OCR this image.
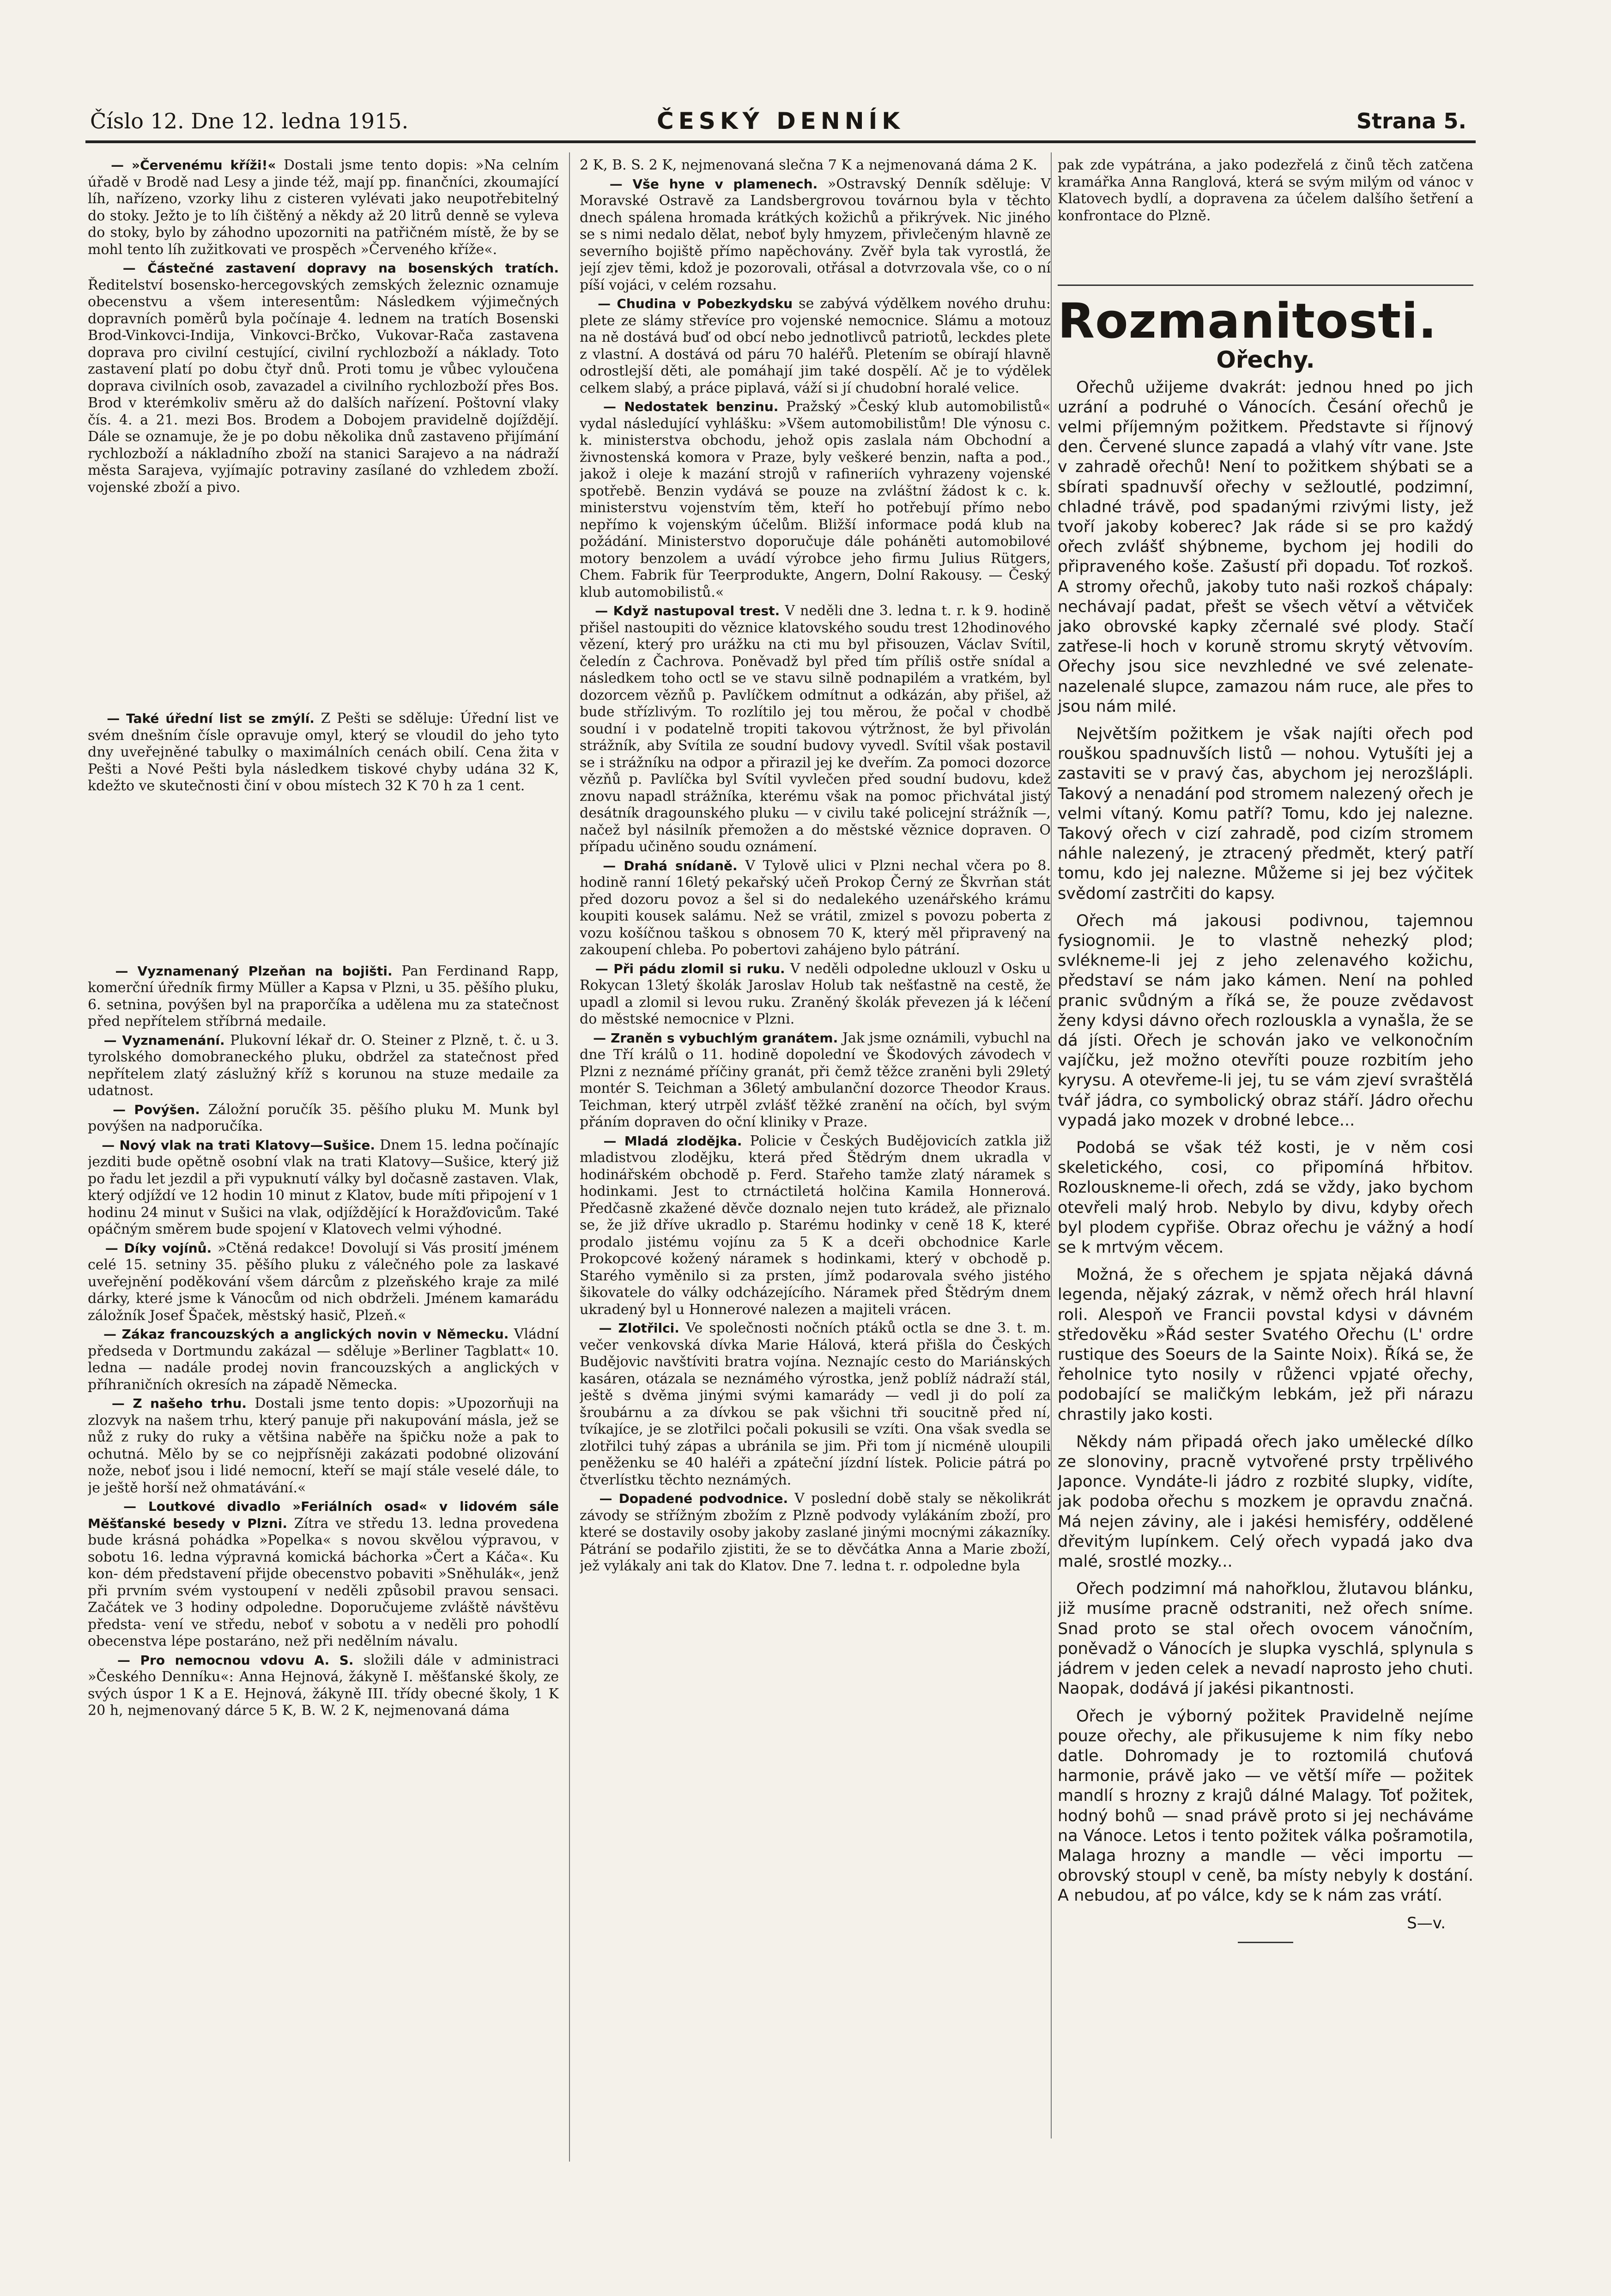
Číslo 12. Dne 12. ledna 1915.	ČESKÝ DENNÍK	Strana 5.

— »Červenému kříži!« Dostali jsme tento dopis: »Na celním úřadě v Brodě nad Lesy a jinde též, mají pp. finančníci, zkoumající líh, nařízeno, vzorky lihu z cisteren vylévati jako neupotřebitelný do stoky. Ježto je to líh čištěný a někdy až 20 litrů denně se vyleva do stoky, bylo by záhodno upozorniti na patřičném místě, že by se mohl tento líh zužitkovati ve prospěch »Červeného kříže«.

— Částečné zastavení dopravy na bosenských tratích. Ředitelství bosensko-hercegovských zemských železnic oznamuje obecenstvu a všem interesentům: Následkem výjimečných dopravních poměrů byla počínaje 4. lednem na tratích Bosenski Brod-Vinkovci-Indija, Vinkovci-Brčko, Vukovar-Rača zastavena doprava pro civilní cestující, civilní rychlozboží a náklady. Toto zastavení platí po dobu čtyř dnů. Proti tomu je vůbec vyloučena doprava civilních osob, zavazadel a civilního rychlozboží přes Bos. Brod v kterémkoliv směru až do dalších nařízení. Poštovní vlaky čís. 4. a 21. mezi Bos. Brodem a Dobojem pravidelně dojíždějí. Dále se oznamuje, že je po dobu několika dnů zastaveno přijímání rychlozboží a nákladního zboží na stanici Sarajevo a na nádraží města Sarajeva, vyjímajíc potraviny zasílané do vzhledem zboží. vojenské zboží a pivo.

— Také úřední list se zmýlí. Z Pešti se sděluje: Úřední list ve svém dnešním čísle opravuje omyl, který se vloudil do jeho tyto dny uveřejněné tabulky o maximálních cenách obilí. Cena žita v Pešti a Nové Pešti byla následkem tiskové chyby udána 32 K, kdežto ve skutečnosti činí v obou místech 32 K 70 h za 1 cent.

— Vyznamenaný Plzeňan na bojišti. Pan Ferdinand Rapp, komerční úředník firmy Müller a Kapsa v Plzni, u 35. pěšího pluku, 6. setnina, povýšen byl na praporčíka a udělena mu za statečnost před nepřítelem stříbrná medaile.

— Vyznamenání. Plukovní lékař dr. O. Steiner z Plzně, t. č. u 3. tyrolského domobraneckého pluku, obdržel za statečnost před nepřítelem zlatý záslužný kříž s korunou na stuze medaile za udatnost.

— Povýšen. Záložní poručík 35. pěšího pluku M. Munk byl povýšen na nadporučíka.

— Nový vlak na trati Klatovy—Sušice. Dnem 15. ledna počínajíc jezditi bude opětně osobní vlak na trati Klatovy—Sušice, který již po řadu let jezdil a při vypuknutí války byl dočasně zastaven. Vlak, který odjíždí ve 12 hodin 10 minut z Klatov, bude míti připojení v 1 hodinu 24 minut v Sušici na vlak, odjíždějící k Horažďovicům. Také opáčným směrem bude spojení v Klatovech velmi výhodné.

— Díky vojínů. »Ctěná redakce! Dovolují si Vás prosití jménem celé 15. setniny 35. pěšího pluku z válečného pole za laskavé uveřejnění poděkování všem dárcům z plzeňského kraje za milé dárky, které jsme k Vánocům od nich obdrželi. Jménem kamarádu záložník Josef Špaček, městský hasič, Plzeň.«

— Zákaz francouzských a anglických novin v Německu. Vládní předseda v Dortmundu zakázal — sděluje »Berliner Tagblatt« 10. ledna — nadále prodej novin francouzských a anglických v příhraničních okresích na západě Německa.

— Z našeho trhu. Dostali jsme tento dopis: »Upozorňuji na zlozvyk na našem trhu, který panuje při nakupování másla, jež se nůž z ruky do ruky a většina naběře na špičku nože a pak to ochutná. Mělo by se co nejpřísněji zakázati podobné olizování nože, neboť jsou i lidé nemocní, kteří se mají stále veselé dále, to je ještě horší než ohmatávání.«

— Loutkové divadlo »Feriálních osad« v lidovém sále Měšťanské besedy v Plzni. Zítra ve středu 13. ledna provedena bude krásná pohádka »Popelka« s novou skvělou výpravou, v sobotu 16. ledna výpravná komická báchorka »Čert a Káča«. Ku kon‑ dém představení přijde obecenstvo pobaviti »Sněhulák«, jenž při prvním svém vystoupení v neděli způsobil pravou sensaci. Začátek ve 3 hodiny odpoledne. Doporučujeme zvláště návštěvu předsta‑ vení ve středu, neboť v sobotu a v neděli pro pohodlí obecenstva lépe postaráno, než při nedělním návalu.

— Pro nemocnou vdovu A. S. složili dále v administraci »Českého Denníku«: Anna Hejnová, žákyně I. měšťanské školy, ze svých úspor 1 K a E. Hejnová, žákyně III. třídy obecné školy, 1 K 20 h, nejmenovaný dárce 5 K, B. W. 2 K, nejmenovaná dáma

2 K, B. S. 2 K, nejmenovaná slečna 7 K a nejmenovaná dáma 2 K.

— Vše hyne v plamenech. »Ostravský Denník sděluje: V Moravské Ostravě za Landsbergrovou továrnou byla v těchto dnech spálena hromada krátkých kožichů a přikrývek. Nic jiného se s nimi nedalo dělat, neboť byly hmyzem, přivlečeným hlavně ze severního bojiště přímo napěchovány. Zvěř byla tak vyrostlá, že její zjev těmi, kdož je pozorovali, otřásal a dotvrzovala vše, co o ní píší vojáci, v celém rozsahu.

— Chudina v Pobezkydsku se zabývá výdělkem nového druhu: plete ze slámy střevíce pro vojenské nemocnice. Slámu a motouz na ně dostává buď od obcí nebo jednotlivců patriotů, leckdes plete z vlastní. A dostává od páru 70 haléřů. Pletením se obírají hlavně odrostlejší děti, ale pomáhají jim také dospělí. Ač je to výdělek celkem slabý, a práce piplavá, váží si jí chudobní horalé velice.

— Nedostatek benzinu. Pražský »Český klub automobilistů« vydal následující vyhlášku: »Všem automobilistům! Dle výnosu c. k. ministerstva obchodu, jehož opis zaslala nám Obchodní a živnostenská komora v Praze, byly veškeré benzin, nafta a pod., jakož i oleje k mazání strojů v rafineriích vyhrazeny vojenské spotřebě. Benzin vydává se pouze na zvláštní žádost k c. k. ministerstvu vojenstvím těm, kteří ho potřebují přímo nebo nepřímo k vojenským účelům. Bližší informace podá klub na požádání. Ministerstvo doporučuje dále poháněti automobilové motory benzolem a uvádí výrobce jeho firmu Julius Rütgers, Chem. Fabrik für Teerprodukte, Angern, Dolní Rakousy. — Český klub automobilistů.«

— Když nastupoval trest. V neděli dne 3. ledna t. r. k 9. hodině přišel nastoupiti do věznice klatovského soudu trest 12hodinového vězení, který pro urážku na cti mu byl přisouzen, Václav Svítil, čeledín z Čachrova. Poněvadž byl před tím příliš ostře snídal a následkem toho octl se ve stavu silně podnapilém a vratkém, byl dozorcem vězňů p. Pavlíčkem odmítnut a odkázán, aby přišel, až bude střízlivým. To rozlítilo jej tou měrou, že počal v chodbě soudní i v podatelně tropiti takovou výtržnost, že byl přivolán strážník, aby Svítila ze soudní budovy vyvedl. Svítil však postavil se i strážníku na odpor a přirazil jej ke dveřím. Za pomoci dozorce vězňů p. Pavlíčka byl Svítil vyvlečen před soudní budovu, kdež znovu napadl strážníka, kterému však na pomoc přichvátal jistý desátník dragounského pluku — v civilu také policejní strážník —, načež byl násilník přemožen a do městské věznice dopraven. O případu učiněno soudu oznámení.

— Drahá snídaně. V Tylově ulici v Plzni nechal včera po 8. hodině ranní 16letý pekařský učeň Prokop Černý ze Škvrňan stát před dozoru povoz a šel si do nedalekého uzenářského krámu koupiti kousek salámu. Než se vrátil, zmizel s povozu poberta z vozu košíčnou taškou s obnosem 70 K, který měl připravený na zakoupení chleba. Po pobertovi zahájeno bylo pátrání.

— Při pádu zlomil si ruku. V neděli odpoledne uklouzl v Osku u Rokycan 13letý školák Jaroslav Holub tak nešťastně na cestě, že upadl a zlomil si levou ruku. Zraněný školák převezen já k léčení do městské nemocnice v Plzni.

— Zraněn s vybuchlým granátem. Jak jsme oznámili, vybuchl na dne Tří králů o 11. hodině dopolední ve Škodových závodech v Plzni z neznámé příčiny granát, při čemž těžce zraněni byli 29letý montér S. Teichman a 36letý ambulanční dozorce Theodor Kraus. Teichman, který utrpěl zvlášť těžké zranění na očích, byl svým přáním dopraven do oční kliniky v Praze.

— Mladá zlodějka. Policie v Českých Budějovicích zatkla již mladistvou zlodějku, která před Štědrým dnem ukradla v hodinářském obchodě p. Ferd. Stařeho tamže zlatý náramek s hodinkami. Jest to ctrnáctiletá holčina Kamila Honnerová. Předčasně zkažené děvče doznalo nejen tuto krádež, ale přiznalo se, že již dříve ukradlo p. Starému hodinky v ceně 18 K, které prodalo jistému vojínu za 5 K a dceři obchodnice Karle Prokopcové kožený náramek s hodinkami, který v obchodě p. Starého vyměnilo si za prsten, jímž podarovala svého jistého šikovatele do války odcházejícího. Náramek před Štědrým dnem ukradený byl u Honnerové nalezen a majiteli vrácen.

— Zlotřilci. Ve společnosti nočních ptáků octla se dne 3. t. m. večer venkovská dívka Marie Hálová, která přišla do Českých Budějovic navštíviti bratra vojína. Neznajíc cesto do Mariánských kasáren, otázala se neznámého výrostka, jenž poblíž nádraží stál, ještě s dvěma jinými svými kamarády — vedl ji do polí za šroubárnu a za dívkou se pak všichni tři soucitně před ní, tvíkajíce, je se zlotřilci počali pokusili se vzíti. Ona však svedla se zlotřilci tuhý zápas a ubránila se jim. Při tom jí nicméně uloupili peněženku se 40 haléři a zpáteční jízdní lístek. Policie pátrá po čtverlístku těchto neznámých.

— Dopadené podvodnice. V poslední době staly se několikrát závody se střížným zbožím z Plzně podvody vylákáním zboží, pro které se dostavily osoby jakoby zaslané jinými mocnými zákazníky. Pátrání se podařilo zjistiti, že se to děvčátka Anna a Marie zboží, jež vylákaly ani tak do Klatov. Dne 7. ledna t. r. odpoledne byla

pak zde vypátrána, a jako podezřelá z činů těch zatčena kramářka Anna Ranglová, která se svým milým od vánoc v Klatovech bydlí, a dopravena za účelem dalšího šetření a konfrontace do Plzně.

Rozmanitosti.
Ořechy.

Ořechů užijeme dvakrát: jednou hned po jich uzrání a podruhé o Vánocích. Česání ořechů je velmi příjemným požitkem. Představte si říjnový den. Červené slunce zapadá a vlahý vítr vane. Jste v zahradě ořechů! Není to požitkem shýbati se a sbírati spadnuvší ořechy v sežloutlé, podzimní, chladné trávě, pod spadanými rzivými listy, jež tvoří jakoby koberec? Jak ráde si se pro každý ořech zvlášť shýbneme, bychom jej hodili do připraveného koše. Zašustí při dopadu. Toť rozkoš. A stromy ořechů, jakoby tuto naši rozkoš chápaly: nechávají padat, přešt se všech větví a větviček jako obrovské kapky zčernalé své plody. Stačí zatřese-li hoch v koruně stromu skrytý větvovím. Ořechy jsou sice nevzhledné ve své zelenate-nazelenalé slupce, zamazou nám ruce, ale přes to jsou nám milé.

Největším požitkem je však najíti ořech pod rouškou spadnuvších listů — nohou. Vytušíti jej a zastaviti se v pravý čas, abychom jej nerozšlápli. Takový a nenadání pod stromem nalezený ořech je velmi vítaný. Komu patří? Tomu, kdo jej nalezne. Takový ořech v cizí zahradě, pod cizím stromem náhle nalezený, je ztracený předmět, který patří tomu, kdo jej nalezne. Můžeme si jej bez výčitek svědomí zastrčiti do kapsy.

Ořech má jakousi podivnou, tajemnou fysiognomii. Je to vlastně nehezký plod; svlékneme-li jej z jeho zelenavého kožichu, představí se nám jako kámen. Není na pohled pranic svůdným a říká se, že pouze zvědavost ženy kdysi dávno ořech rozlouskla a vynašla, že se dá jísti. Ořech je schován jako ve velkonočním vajíčku, jež možno otevříti pouze rozbitím jeho kyrysu. A otevřeme-li jej, tu se vám zjeví svraštělá tvář jádra, co symbolický obraz stáří. Jádro ořechu vypadá jako mozek v drobné lebce...

Podobá se však též kosti, je v něm cosi skeletického, cosi, co připomíná hřbitov. Rozlouskneme-li ořech, zdá se vždy, jako bychom otevřeli malý hrob. Nebylo by divu, kdyby ořech byl plodem cypřiše. Obraz ořechu je vážný a hodí se k mrtvým věcem.

Možná, že s ořechem je spjata nějaká dávná legenda, nějaký zázrak, v němž ořech hrál hlavní roli. Alespoň ve Francii povstal kdysi v dávném středověku »Řád sester Svatého Ořechu (L' ordre rustique des Soeurs de la Sainte Noix). Říká se, že řeholnice tyto nosily v růženci vpjaté ořechy, podobající se maličkým lebkám, jež při nárazu chrastily jako kosti.

Někdy nám připadá ořech jako umělecké dílko ze slonoviny, pracně vytvořené prsty trpělivého Japonce. Vyndáte-li jádro z rozbité slupky, vidíte, jak podoba ořechu s mozkem je opravdu značná. Má nejen záviny, ale i jakési hemisféry, oddělené dřevitým lupínkem. Celý ořech vypadá jako dva malé, srostlé mozky...

Ořech podzimní má nahořklou, žlutavou blánku, již musíme pracně odstraniti, než ořech sníme. Snad proto se stal ořech ovocem vánočním, poněvadž o Vánocích je slupka vyschlá, splynula s jádrem v jeden celek a nevadí naprosto jeho chuti. Naopak, dodává jí jakési pikantnosti.

Ořech je výborný požitek Pravidelně nejíme pouze ořechy, ale přikusujeme k nim fíky nebo datle. Dohromady je to roztomilá chuťová harmonie, právě jako — ve větší míře — požitek mandlí s hrozny z krajů dálné Malagy. Toť požitek, hodný bohů — snad právě proto si jej necháváme na Vánoce. Letos i tento požitek válka pošramotila, Malaga hrozny a mandle — věci importu — obrovský stoupl v ceně, ba místy nebyly k dostání. A nebudou, ať po válce, kdy se k nám zas vrátí.

S—v.
